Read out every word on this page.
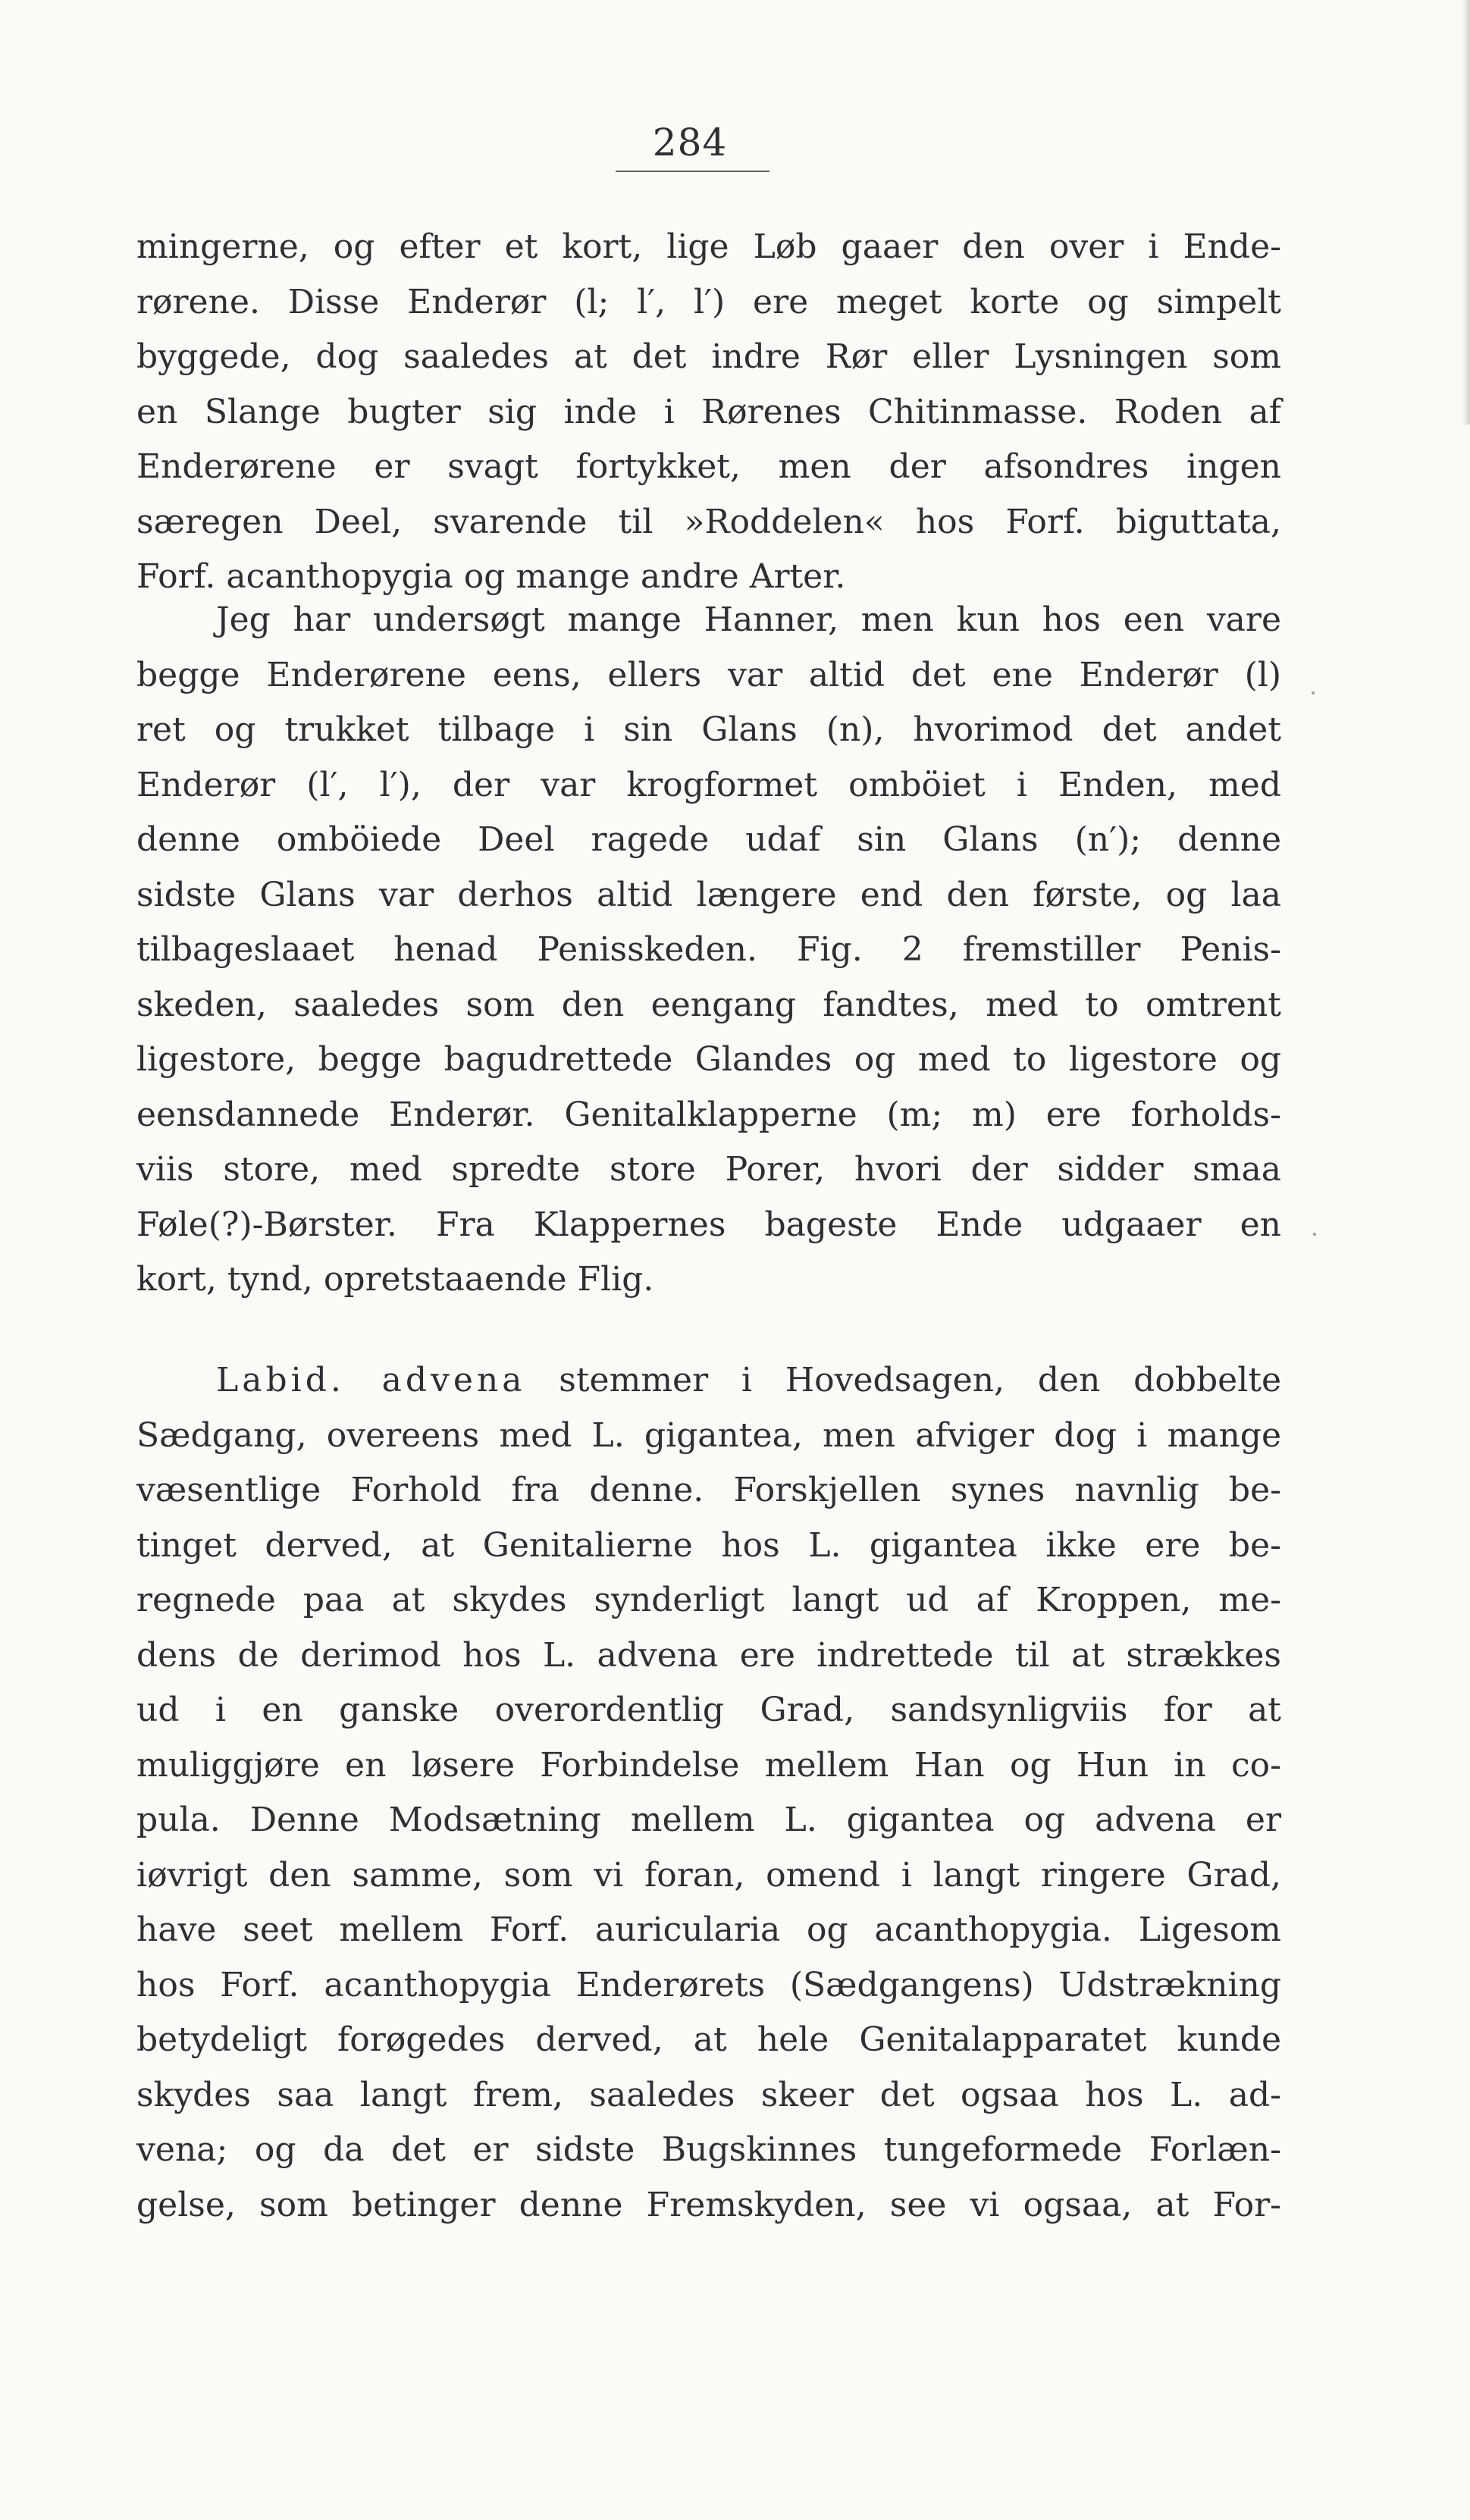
284
mingerne, og efter et kort, lige Løb gaaer den over i Ende-
rørene. Disse Enderør (l; l′, l′) ere meget korte og simpelt
byggede, dog saaledes at det indre Rør eller Lysningen som
en Slange bugter sig inde i Rørenes Chitinmasse. Roden af
Enderørene er svagt fortykket, men der afsondres ingen
særegen Deel, svarende til »Roddelen« hos Forf. biguttata,
Forf. acanthopygia og mange andre Arter.
Jeg har undersøgt mange Hanner, men kun hos een vare
begge Enderørene eens, ellers var altid det ene Enderør (l)
ret og trukket tilbage i sin Glans (n), hvorimod det andet
Enderør (l′, l′), der var krogformet omböiet i Enden, med
denne omböiede Deel ragede udaf sin Glans (n′); denne
sidste Glans var derhos altid længere end den første, og laa
tilbageslaaet henad Penisskeden. Fig. 2 fremstiller Penis-
skeden, saaledes som den eengang fandtes, med to omtrent
ligestore, begge bagudrettede Glandes og med to ligestore og
eensdannede Enderør. Genitalklapperne (m; m) ere forholds-
viis store, med spredte store Porer, hvori der sidder smaa
Føle(?)-Børster. Fra Klappernes bageste Ende udgaaer en
kort, tynd, opretstaaende Flig.
Labid. advena stemmer i Hovedsagen, den dobbelte
Sædgang, overeens med L. gigantea, men afviger dog i mange
væsentlige Forhold fra denne. Forskjellen synes navnlig be-
tinget derved, at Genitalierne hos L. gigantea ikke ere be-
regnede paa at skydes synderligt langt ud af Kroppen, me-
dens de derimod hos L. advena ere indrettede til at strækkes
ud i en ganske overordentlig Grad, sandsynligviis for at
muliggjøre en løsere Forbindelse mellem Han og Hun in co-
pula. Denne Modsætning mellem L. gigantea og advena er
iøvrigt den samme, som vi foran, omend i langt ringere Grad,
have seet mellem Forf. auricularia og acanthopygia. Ligesom
hos Forf. acanthopygia Enderørets (Sædgangens) Udstrækning
betydeligt forøgedes derved, at hele Genitalapparatet kunde
skydes saa langt frem, saaledes skeer det ogsaa hos L. ad-
vena; og da det er sidste Bugskinnes tungeformede Forlæn-
gelse, som betinger denne Fremskyden, see vi ogsaa, at For-
